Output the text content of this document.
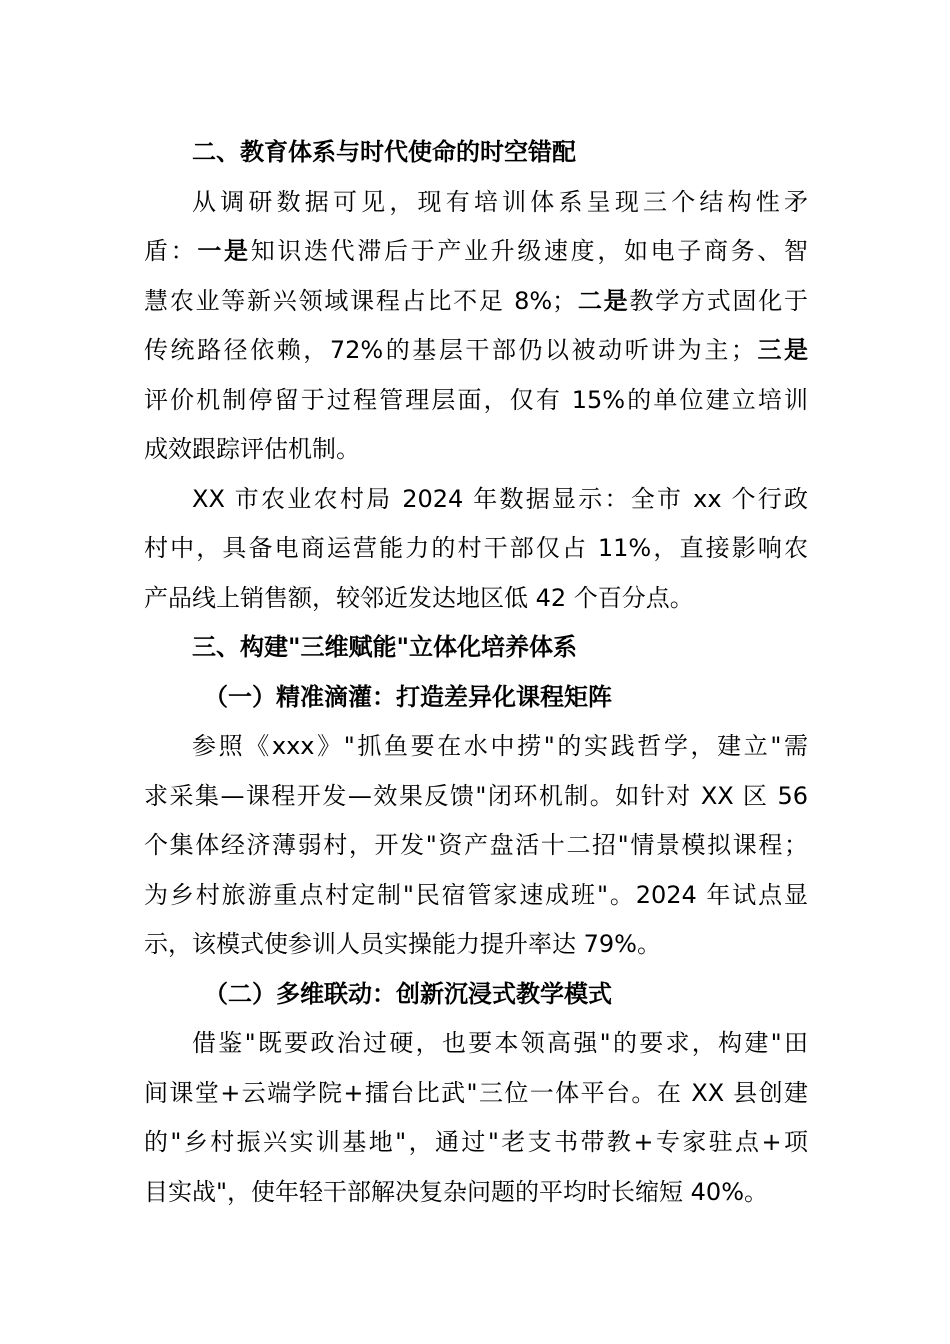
二、教育体系与时代使命的时空错配
从调研数据可见，现有培训体系呈现三个结构性矛
盾：一是知识迭代滞后于产业升级速度，如电子商务、智
慧农业等新兴领域课程占比不足 8%；二是教学方式固化于
传统路径依赖，72%的基层干部仍以被动听讲为主；三是
评价机制停留于过程管理层面，仅有 15%的单位建立培训
成效跟踪评估机制。
XX 市农业农村局 2024 年数据显示：全市 xx 个行政
村中，具备电商运营能力的村干部仅占 11%，直接影响农
产品线上销售额，较邻近发达地区低 42 个百分点。
三、构建"三维赋能"立体化培养体系
（一）精准滴灌：打造差异化课程矩阵
参照《xxx》"抓鱼要在水中捞"的实践哲学，建立"需
求采集—课程开发—效果反馈"闭环机制。如针对 XX 区 56
个集体经济薄弱村，开发"资产盘活十二招"情景模拟课程；
为乡村旅游重点村定制"民宿管家速成班"。2024 年试点显
示，该模式使参训人员实操能力提升率达 79%。
（二）多维联动：创新沉浸式教学模式
借鉴"既要政治过硬，也要本领高强"的要求，构建"田
间课堂+云端学院+擂台比武"三位一体平台。在 XX 县创建
的"乡村振兴实训基地"，通过"老支书带教+专家驻点+项
目实战"，使年轻干部解决复杂问题的平均时长缩短 40%。
